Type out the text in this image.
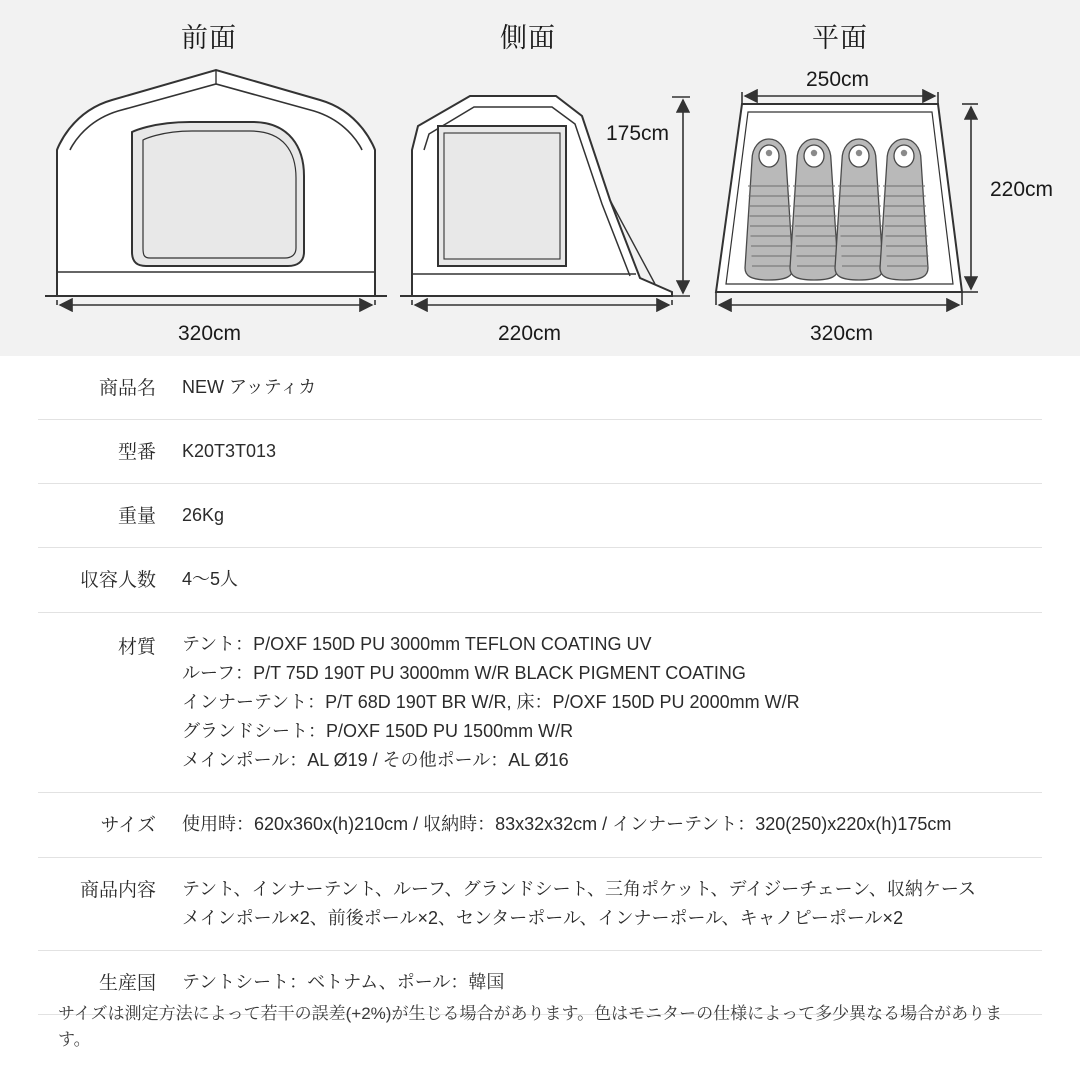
前面	側面	平面
320cm	220cm	320cm
175cm
250cm
220cm
商品名	NEW アッティカ

型番	K20T3T013

重量	26Kg

収容人数	4〜5人

材質	テント：P/OXF 150D PU 3000mm TEFLON COATING UV
ルーフ：P/T 75D 190T PU 3000mm W/R BLACK PIGMENT COATING
インナーテント：P/T 68D 190T BR W/R, 床：P/OXF 150D PU 2000mm W/R
グランドシート：P/OXF 150D PU 1500mm W/R
メインポール：AL Ø19 / その他ポール：AL Ø16

サイズ	使用時：620x360x(h)210cm / 収納時：83x32x32cm / インナーテント：320(250)x220x(h)175cm

商品内容	テント、インナーテント、ルーフ、グランドシート、三角ポケット、デイジーチェーン、収納ケース
メインポール×2、前後ポール×2、センターポール、インナーポール、キャノピーポール×2

生産国	テントシート：ベトナム、ポール：韓国
サイズは測定方法によって若干の誤差(+2%)が生じる場合があります。色はモニターの仕様によって多少異なる場合があります。
